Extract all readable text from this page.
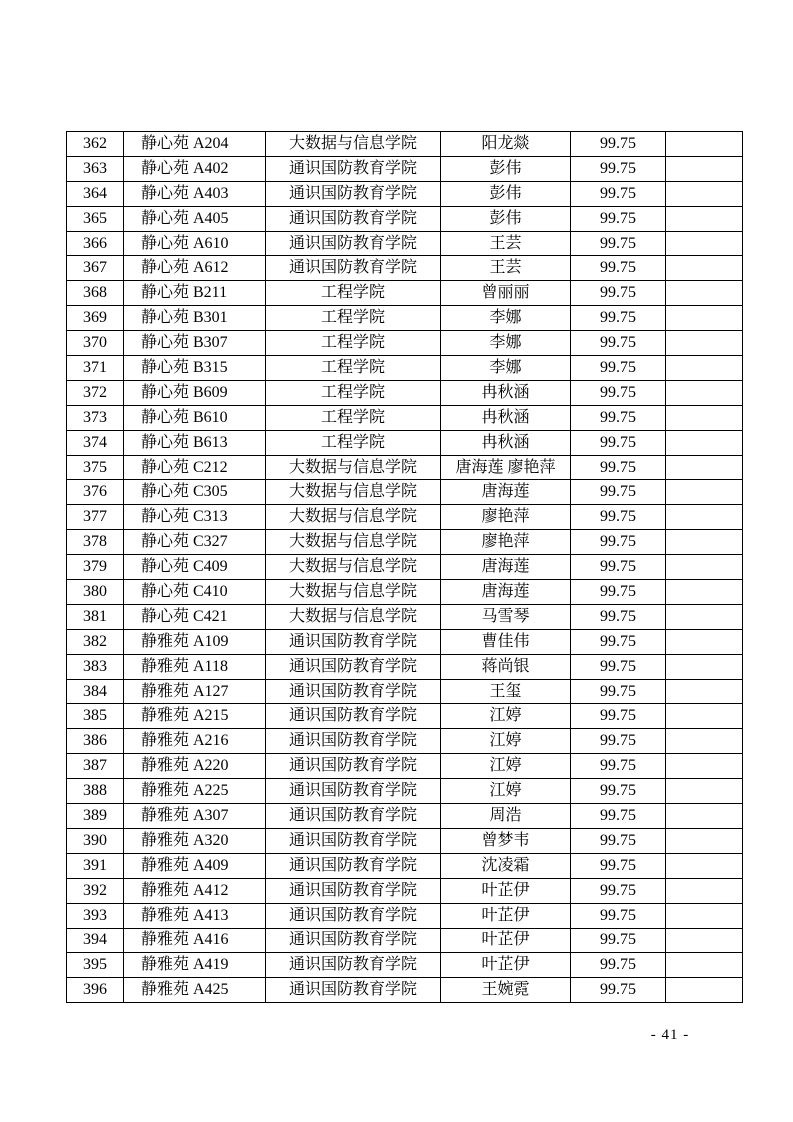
362	静心苑 A204	大数据与信息学院	阳龙燚	99.75	
363	静心苑 A402	通识国防教育学院	彭伟	99.75	
364	静心苑 A403	通识国防教育学院	彭伟	99.75	
365	静心苑 A405	通识国防教育学院	彭伟	99.75	
366	静心苑 A610	通识国防教育学院	王芸	99.75	
367	静心苑 A612	通识国防教育学院	王芸	99.75	
368	静心苑 B211	工程学院	曾丽丽	99.75	
369	静心苑 B301	工程学院	李娜	99.75	
370	静心苑 B307	工程学院	李娜	99.75	
371	静心苑 B315	工程学院	李娜	99.75	
372	静心苑 B609	工程学院	冉秋涵	99.75	
373	静心苑 B610	工程学院	冉秋涵	99.75	
374	静心苑 B613	工程学院	冉秋涵	99.75	
375	静心苑 C212	大数据与信息学院	唐海莲 廖艳萍	99.75	
376	静心苑 C305	大数据与信息学院	唐海莲	99.75	
377	静心苑 C313	大数据与信息学院	廖艳萍	99.75	
378	静心苑 C327	大数据与信息学院	廖艳萍	99.75	
379	静心苑 C409	大数据与信息学院	唐海莲	99.75	
380	静心苑 C410	大数据与信息学院	唐海莲	99.75	
381	静心苑 C421	大数据与信息学院	马雪琴	99.75	
382	静雅苑 A109	通识国防教育学院	曹佳伟	99.75	
383	静雅苑 A118	通识国防教育学院	蒋尚银	99.75	
384	静雅苑 A127	通识国防教育学院	王玺	99.75	
385	静雅苑 A215	通识国防教育学院	江婷	99.75	
386	静雅苑 A216	通识国防教育学院	江婷	99.75	
387	静雅苑 A220	通识国防教育学院	江婷	99.75	
388	静雅苑 A225	通识国防教育学院	江婷	99.75	
389	静雅苑 A307	通识国防教育学院	周浩	99.75	
390	静雅苑 A320	通识国防教育学院	曾梦韦	99.75	
391	静雅苑 A409	通识国防教育学院	沈凌霜	99.75	
392	静雅苑 A412	通识国防教育学院	叶芷伊	99.75	
393	静雅苑 A413	通识国防教育学院	叶芷伊	99.75	
394	静雅苑 A416	通识国防教育学院	叶芷伊	99.75	
395	静雅苑 A419	通识国防教育学院	叶芷伊	99.75	
396	静雅苑 A425	通识国防教育学院	王婉霓	99.75	
- 41 -
